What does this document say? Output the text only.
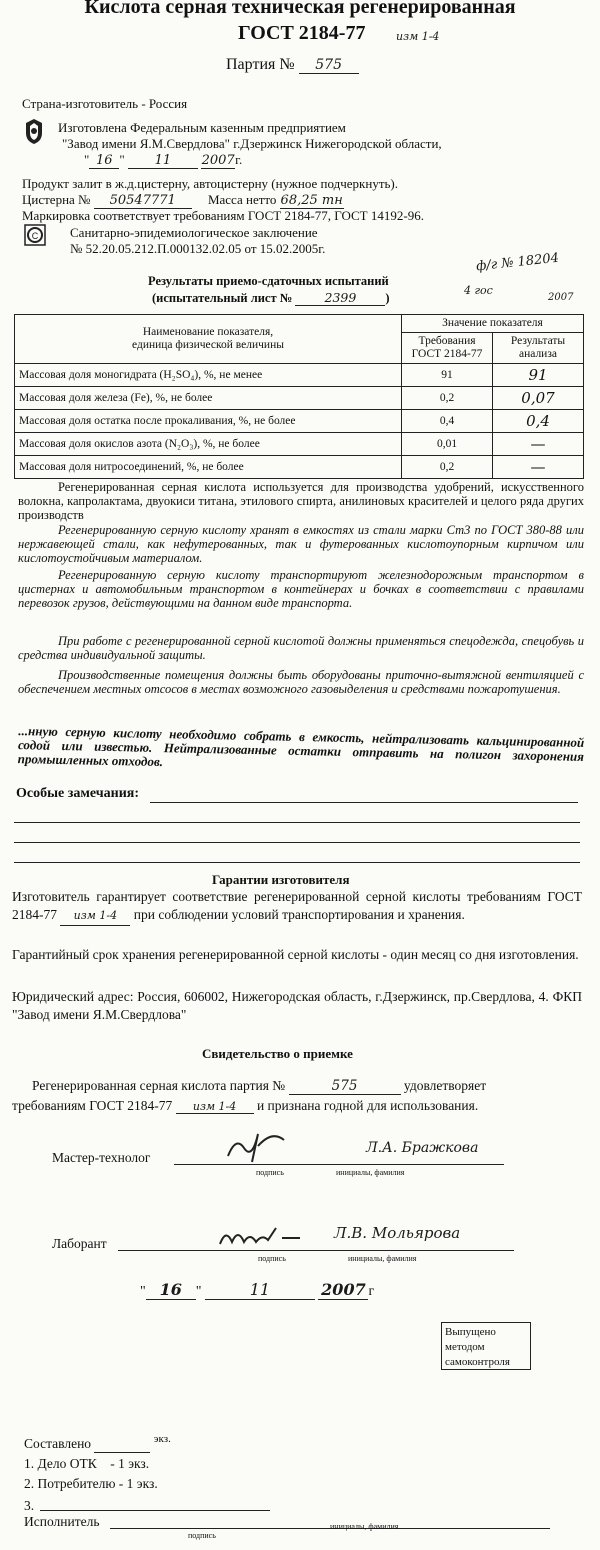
Кислота серная техническая регенерированная
ГОСТ 2184-77	изм 1-4
Партия № 575
Страна-изготовитель - Россия
Изготовлена Федеральным казенным предприятием
"Завод имени Я.М.Свердлова" г.Дзержинск Нижегородской области,
" 16 " 11 2007г.
Продукт залит в ж.д.цистерну, автоцистерну (нужное подчеркнуть).
Цистерна № 50547771 Масса нетто 68,25 тн
Маркировка соответствует требованиям ГОСТ 2184-77, ГОСТ 14192-96.
C Санитарно-эпидемиологическое заключение
№ 52.20.05.212.П.000132.02.05 от 15.02.2005г.
ф/г № 18204
4 гос
2007
Результаты приемо-сдаточных испытаний
(испытательный лист №	2399 )
Наименование показателя,
единица физической величины	Значение показателя	
	Требования
ГОСТ 2184-77	Результаты
анализа
Массовая доля моногидрата (H₂SO₄), %, не менее	91	91
Массовая доля железа (Fe), %, не более	0,2	0,07
Массовая доля остатка после прокаливания, %, не более	0,4	0,4
Массовая доля окислов азота (N₂O₃), %, не более	0,01	—
Массовая доля нитросоединений, %, не более	0,2	—
Регенерированная серная кислота используется для производства удобрений, искусственного волокна, капролактама, двуокиси титана, этилового спирта, анилиновых красителей и целого ряда других производств
Регенерированную серную кислоту хранят в емкостях из стали марки Ст3 по ГОСТ 380-88 или нержавеющей стали, как нефутерованных, так и футерованных кислотоупорным кирпичом или кислотоустойчивым материалом.
Регенерированную серную кислоту транспортируют железнодорожным транспортом в цистернах и автомобильным транспортом в контейнерах и бочках в соответствии с правилами перевозок грузов, действующими на данном виде транспорта.
При работе с регенерированной серной кислотой должны применяться спецодежда, спецобувь и средства индивидуальной защиты.
Производственные помещения должны быть оборудованы приточно-вытяжной вентиляцией с обеспечением местных отсосов в местах возможного газовыделения и средствами пожаротушения.
...нную серную кислоту необходимо собрать в емкость, нейтрализовать кальцинированной содой или известью. Нейтрализованные остатки отправить на полигон захоронения промышленных отходов.
Особые замечания:
Гарантии изготовителя
Изготовитель гарантирует соответствие регенерированной серной кислоты требованиям ГОСТ 2184-77 изм 1-4 при соблюдении условий транспортирования и хранения.
Гарантийный срок хранения регенерированной серной кислоты - один месяц со дня изготовления.
Юридический адрес: Россия, 606002, Нижегородская область, г.Дзержинск, пр.Свердлова, 4. ФКП "Завод имени Я.М.Свердлова"
Свидетельство о приемке
Регенерированная серная кислота партия №	575	удовлетворяет
требованиям ГОСТ 2184-77 изм 1-4 и признана годной для использования.
Мастер-технолог
Л.А. Бражкова
подпись	инициалы, фамилия
Лаборант
Л.В. Мольярова
подпись	инициалы, фамилия
" 16 "	11	2007 г
Выпущено методом самоконтроля
Составлено	$^{экз.}$
1. Дело ОТК    - 1 экз.
2. Потребителю - 1 экз.
3.
Исполнитель
подпись
инициалы, фамилия
